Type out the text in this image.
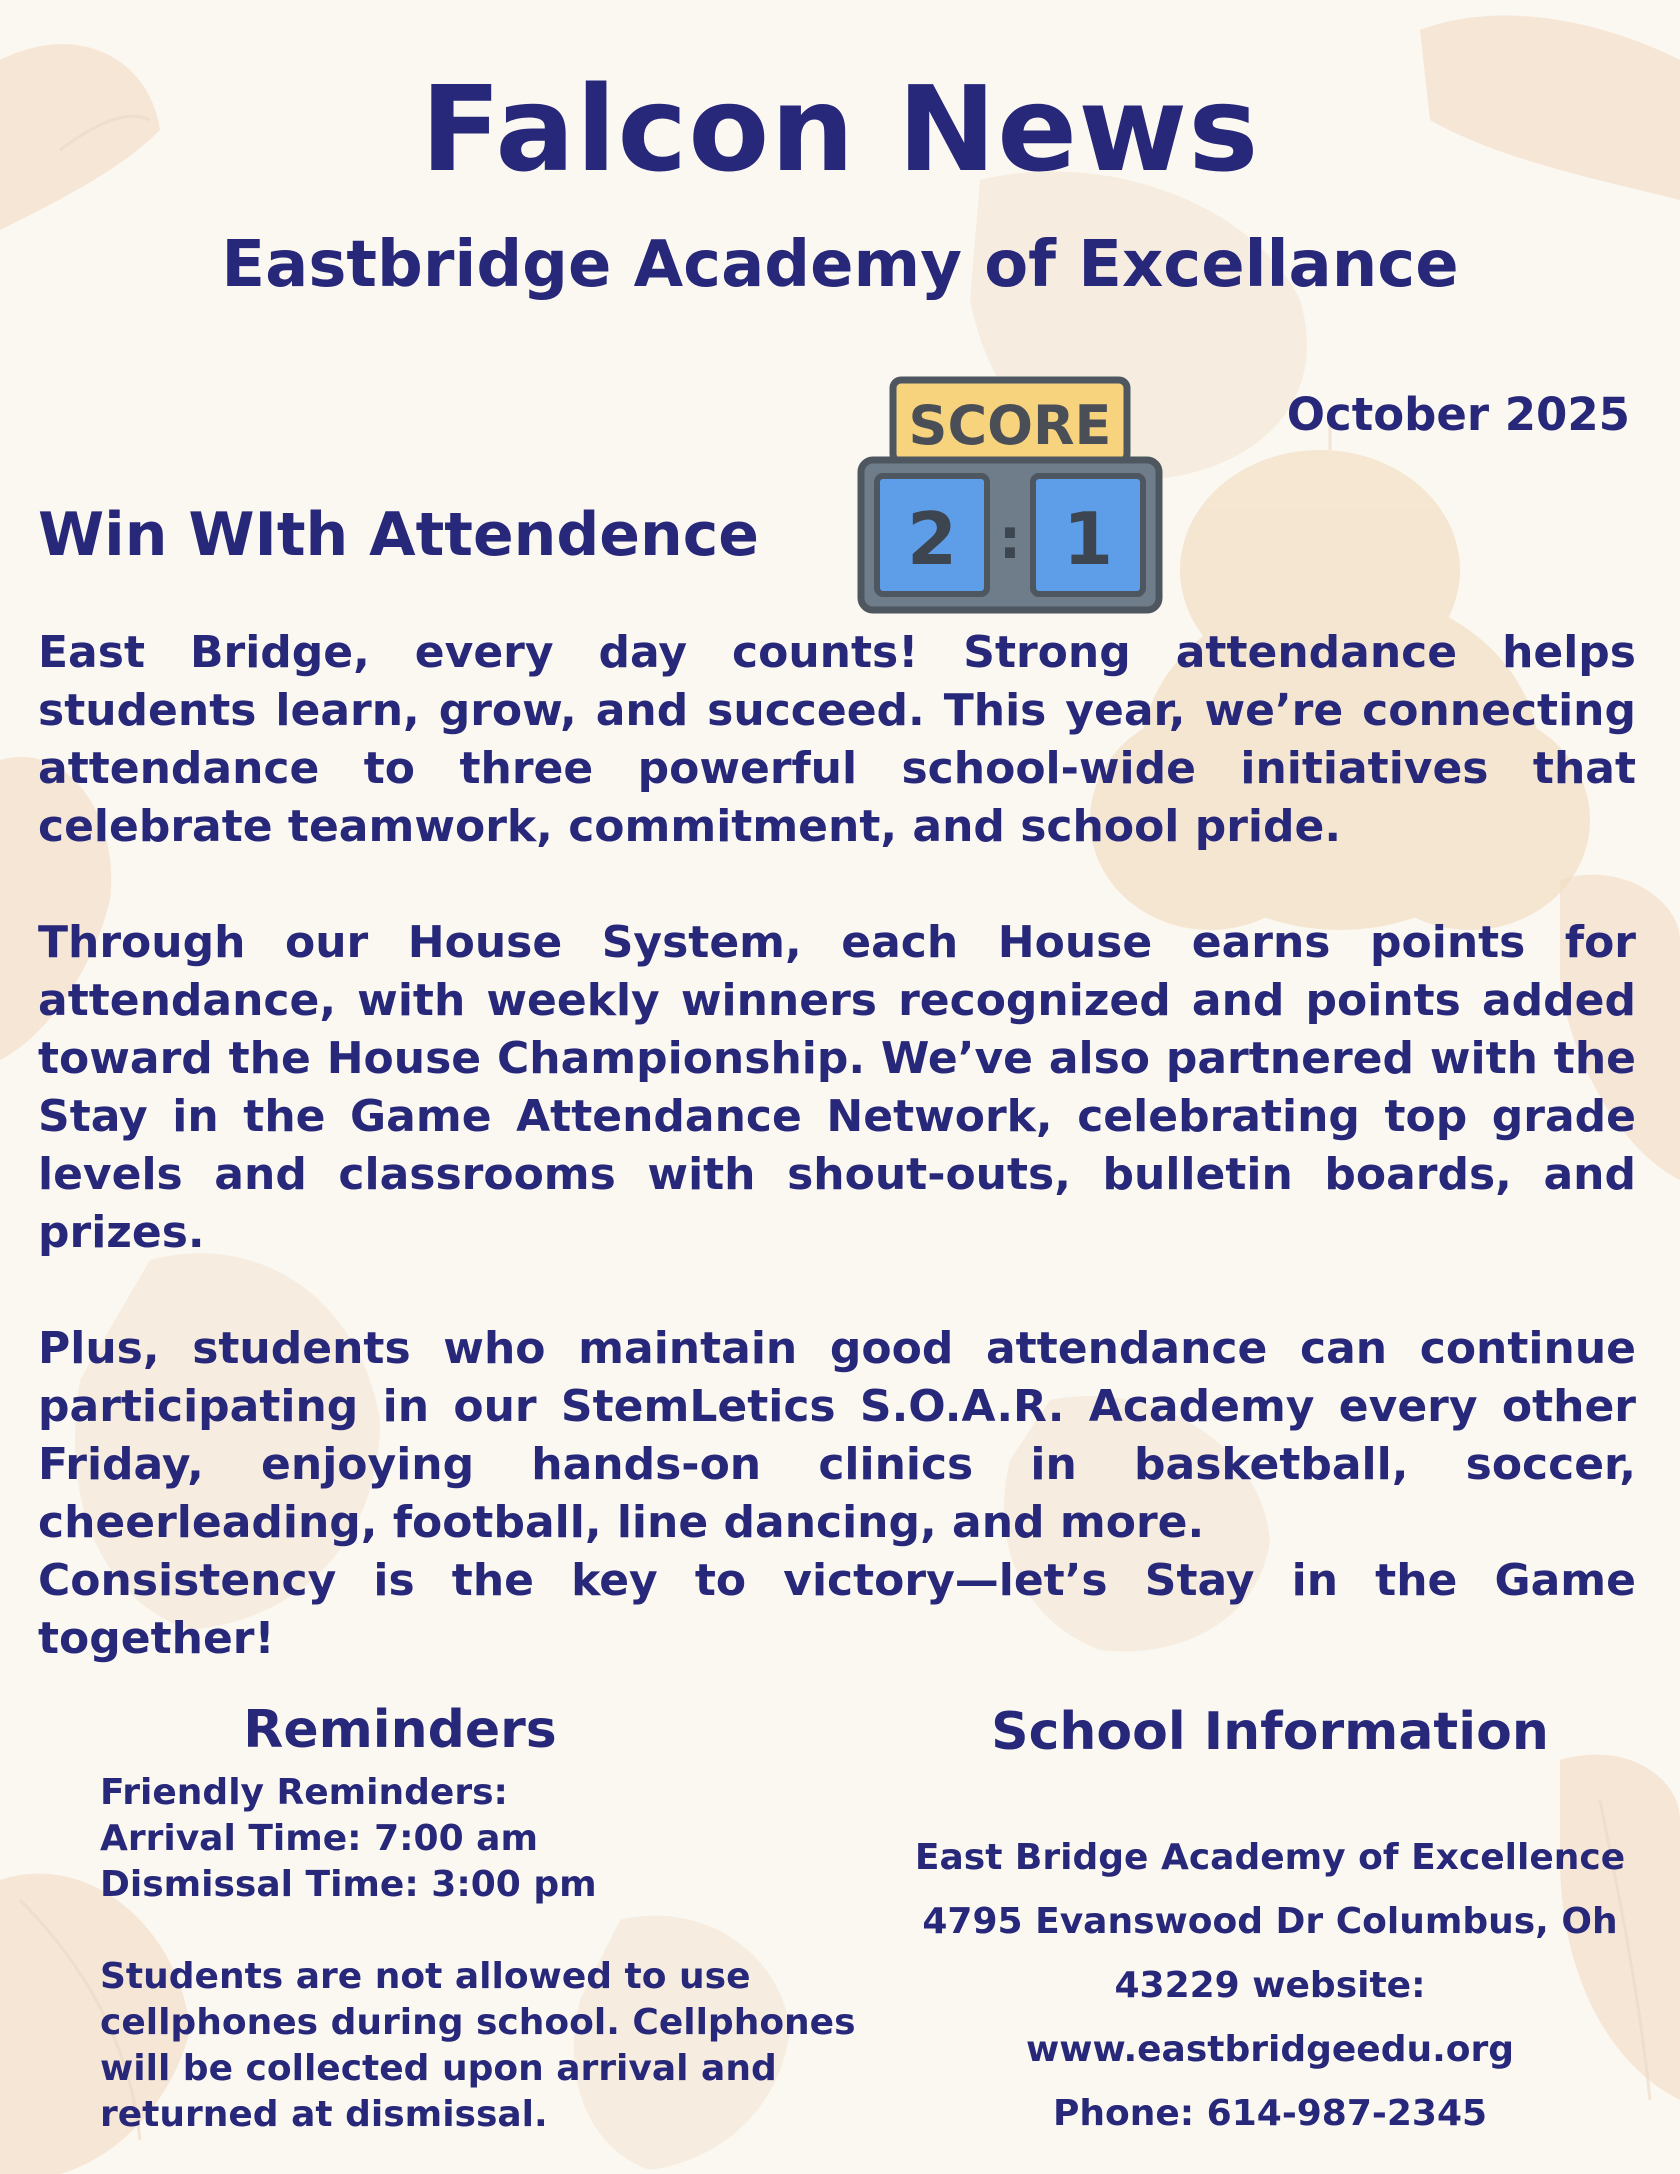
Falcon News
Eastbridge Academy of Excellance
October 2025
SCORE
2 : 1
Win WIth Attendence

East Bridge, every day counts! Strong attendance helps students learn, grow, and succeed. This year, we’re connecting attendance to three powerful school-wide initiatives that celebrate teamwork, commitment, and school pride.

Through our House System, each House earns points for attendance, with weekly winners recognized and points added toward the House Championship. We’ve also partnered with the Stay in the Game Attendance Network, celebrating top grade levels and classrooms with shout-outs, bulletin boards, and prizes.

Plus, students who maintain good attendance can continue participating in our StemLetics S.O.A.R. Academy every other Friday, enjoying hands-on clinics in basketball, soccer, cheerleading, football, line dancing, and more.

Consistency is the key to victory—let’s Stay in the Game together!

Reminders
Friendly Reminders:
Arrival Time: 7:00 am
Dismissal Time: 3:00 pm
Students are not allowed to use
cellphones during school. Cellphones
will be collected upon arrival and
returned at dismissal.
School Information
East Bridge Academy of Excellence
4795 Evanswood Dr Columbus, Oh
43229 website:
www.eastbridgeedu.org
Phone: 614-987-2345
